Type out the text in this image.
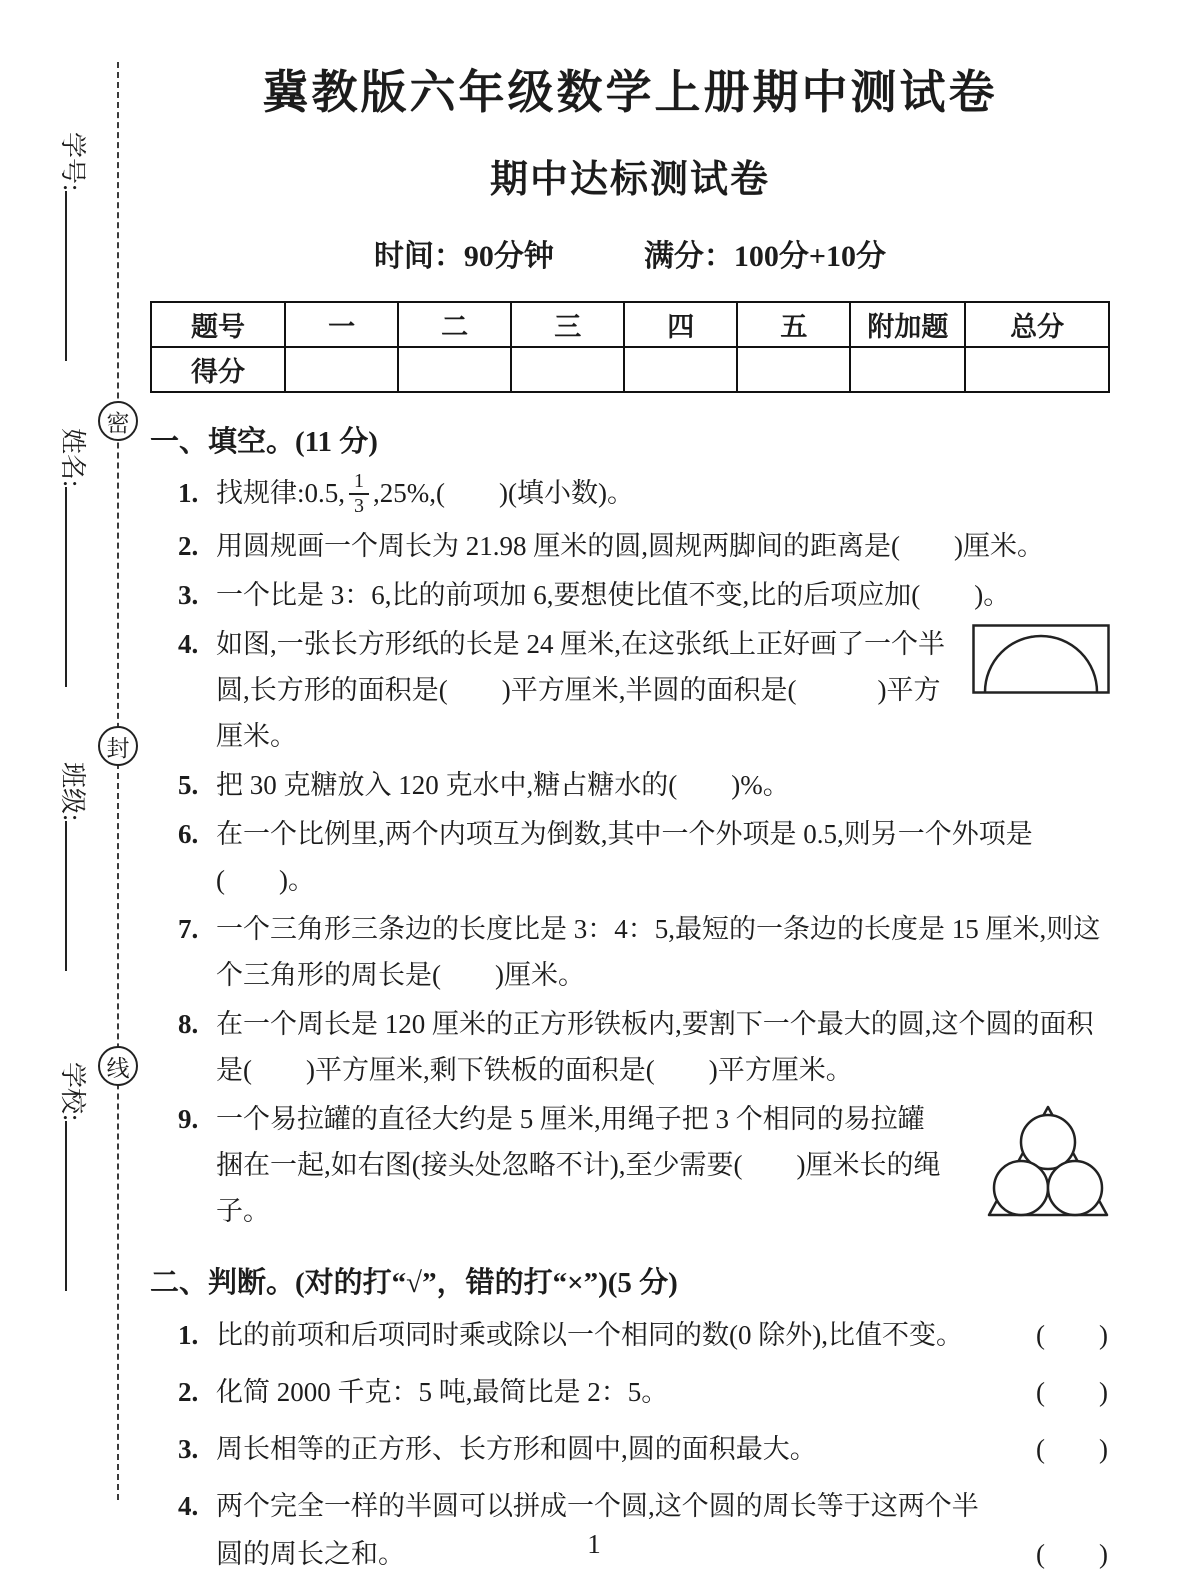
学号:
姓名:
班级:
学校:
密
封
线
冀教版六年级数学上册期中测试卷
期中达标测试卷
时间：90分钟	满分：100分+10分
题号	一	二	三	四	五	附加题	总分
得分							
一、填空。(11 分)
1. 找规律:0.5, $\frac{1}{3} ,25\%$,(　　)(填小数)。
2. 用圆规画一个周长为 21.98 厘米的圆,圆规两脚间的距离是(　　)厘米。
3. 一个比是 3：6,比的前项加 6,要想使比值不变,比的后项应加(　　)。
4. 如图,一张长方形纸的长是 24 厘米,在这张纸上正好画了一个半圆,长方形的面积是(　　)平方厘米,半圆的面积是(　　　)平方厘米。
5. 把 30 克糖放入 120 克水中,糖占糖水的(　　)%。
6. 在一个比例里,两个内项互为倒数,其中一个外项是 0.5,则另一个外项是(　　)。
7. 一个三角形三条边的长度比是 3：4：5,最短的一条边的长度是 15 厘米,则这个三角形的周长是(　　)厘米。
8. 在一个周长是 120 厘米的正方形铁板内,要割下一个最大的圆,这个圆的面积是(　　)平方厘米,剩下铁板的面积是(　　)平方厘米。
9. 一个易拉罐的直径大约是 5 厘米,用绳子把 3 个相同的易拉罐捆在一起,如右图(接头处忽略不计),至少需要(　　)厘米长的绳子。
二、判断。(对的打“√”，错的打“×”)(5 分)
1. 比的前项和后项同时乘或除以一个相同的数(0 除外),比值不变。	(　　)
2. 化简 2000 千克：5 吨,最简比是 2：5。	(　　)
3. 周长相等的正方形、长方形和圆中,圆的面积最大。	(　　)
4. 两个完全一样的半圆可以拼成一个圆,这个圆的周长等于这两个半圆的周长之和。	(　　)
1
